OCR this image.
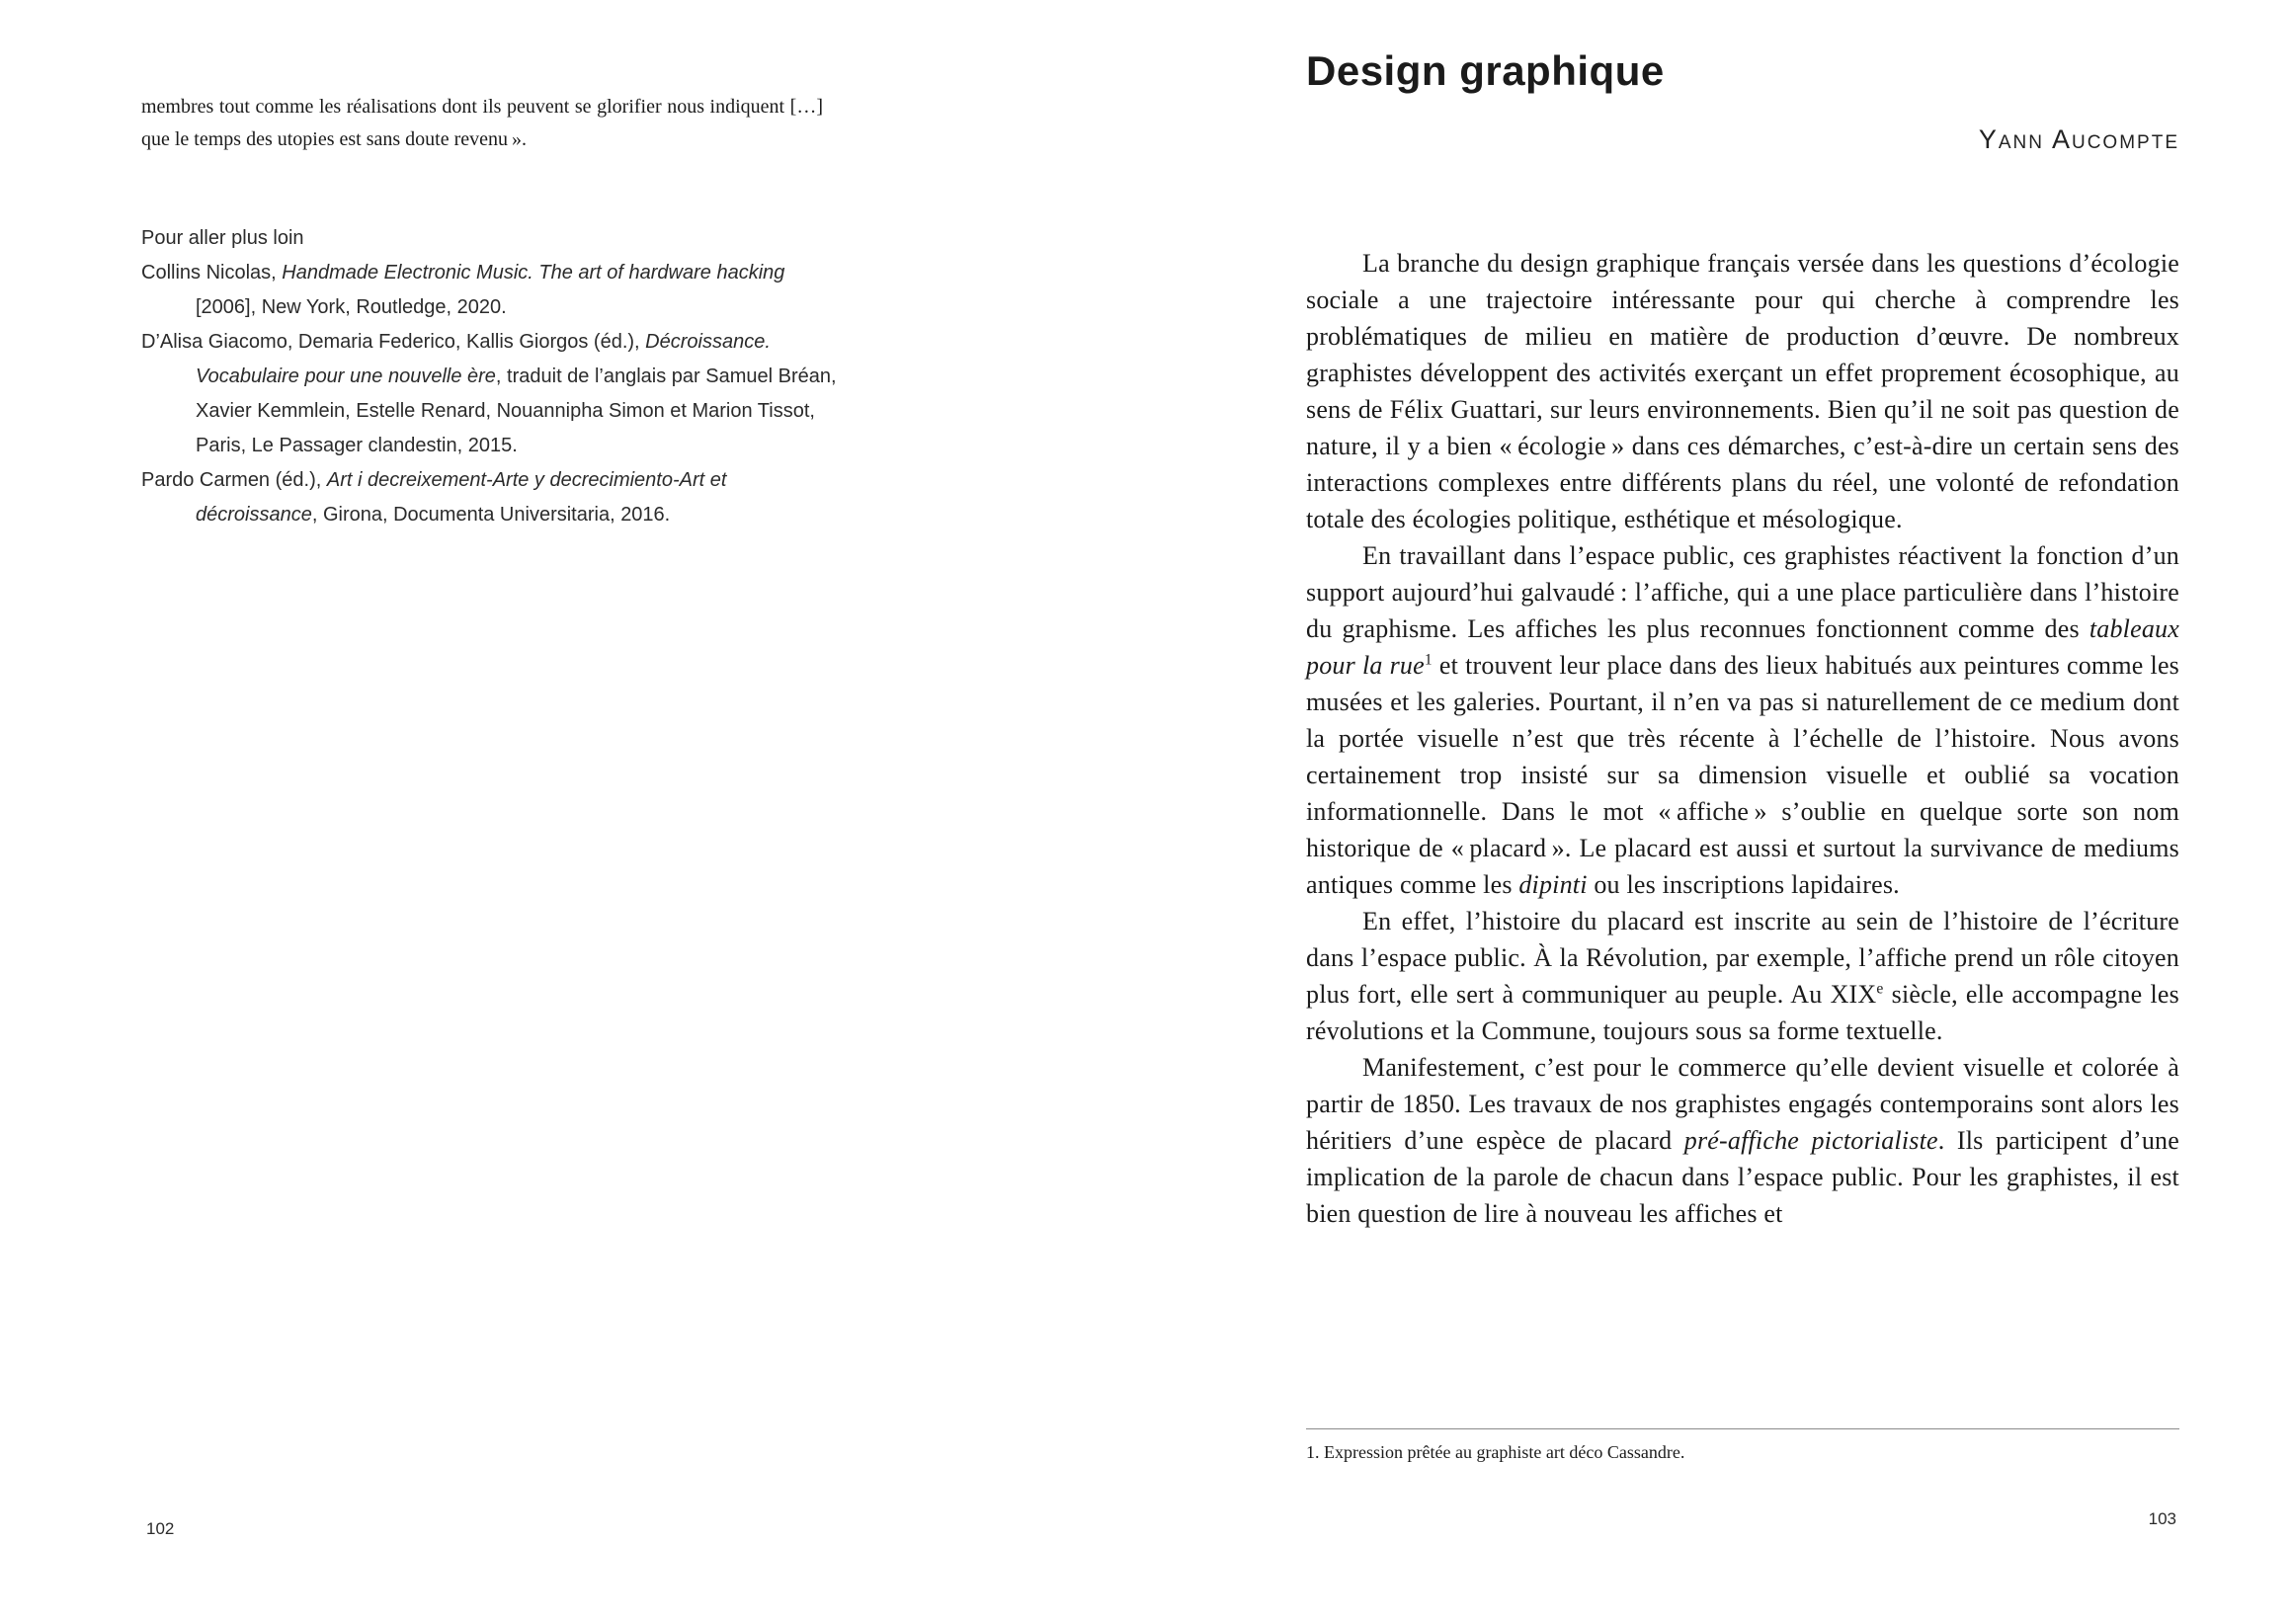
membres tout comme les réalisations dont ils peuvent se glorifier nous indiquent […] que le temps des utopies est sans doute revenu ».

Pour aller plus loin

Collins Nicolas, Handmade Electronic Music. The art of hardware hacking [2006], New York, Routledge, 2020.

D’Alisa Giacomo, Demaria Federico, Kallis Giorgos (éd.), Décroissance. Vocabulaire pour une nouvelle ère, traduit de l’anglais par Samuel Bréan, Xavier Kemmlein, Estelle Renard, Nouannipha Simon et Marion Tissot, Paris, Le Passager clandestin, 2015.

Pardo Carmen (éd.), Art i decreixement-Arte y decrecimiento-Art et décroissance, Girona, Documenta Universitaria, 2016.

102
Design graphique
Yann Aucompte

La branche du design graphique français versée dans les questions d’écologie sociale a une trajectoire intéressante pour qui cherche à comprendre les problématiques de milieu en matière de production d’œuvre. De nombreux graphistes développent des activités exerçant un effet proprement écosophique, au sens de Félix Guattari, sur leurs environnements. Bien qu’il ne soit pas question de nature, il y a bien « écologie » dans ces démarches, c’est-à-dire un certain sens des interactions complexes entre différents plans du réel, une volonté de refondation totale des écologies politique, esthétique et mésologique.

En travaillant dans l’espace public, ces graphistes réactivent la fonction d’un support aujourd’hui galvaudé : l’affiche, qui a une place particulière dans l’histoire du graphisme. Les affiches les plus reconnues fonctionnent comme des tableaux pour la rue$^1$ et trouvent leur place dans des lieux habitués aux peintures comme les musées et les galeries. Pourtant, il n’en va pas si naturellement de ce medium dont la portée visuelle n’est que très récente à l’échelle de l’histoire. Nous avons certainement trop insisté sur sa dimension visuelle et oublié sa vocation informationnelle. Dans le mot « affiche » s’oublie en quelque sorte son nom historique de « placard ». Le placard est aussi et surtout la survivance de mediums antiques comme les dipinti ou les inscriptions lapidaires.

En effet, l’histoire du placard est inscrite au sein de l’histoire de l’écriture dans l’espace public. À la Révolution, par exemple, l’affiche prend un rôle citoyen plus fort, elle sert à communiquer au peuple. Au XIXe siècle, elle accompagne les révolutions et la Commune, toujours sous sa forme textuelle.

Manifestement, c’est pour le commerce qu’elle devient visuelle et colorée à partir de 1850. Les travaux de nos graphistes engagés contemporains sont alors les héritiers d’une espèce de placard pré-affiche pictorialiste. Ils participent d’une implication de la parole de chacun dans l’espace public. Pour les graphistes, il est bien question de lire à nouveau les affiches et

1. Expression prêtée au graphiste art déco Cassandre.

103
